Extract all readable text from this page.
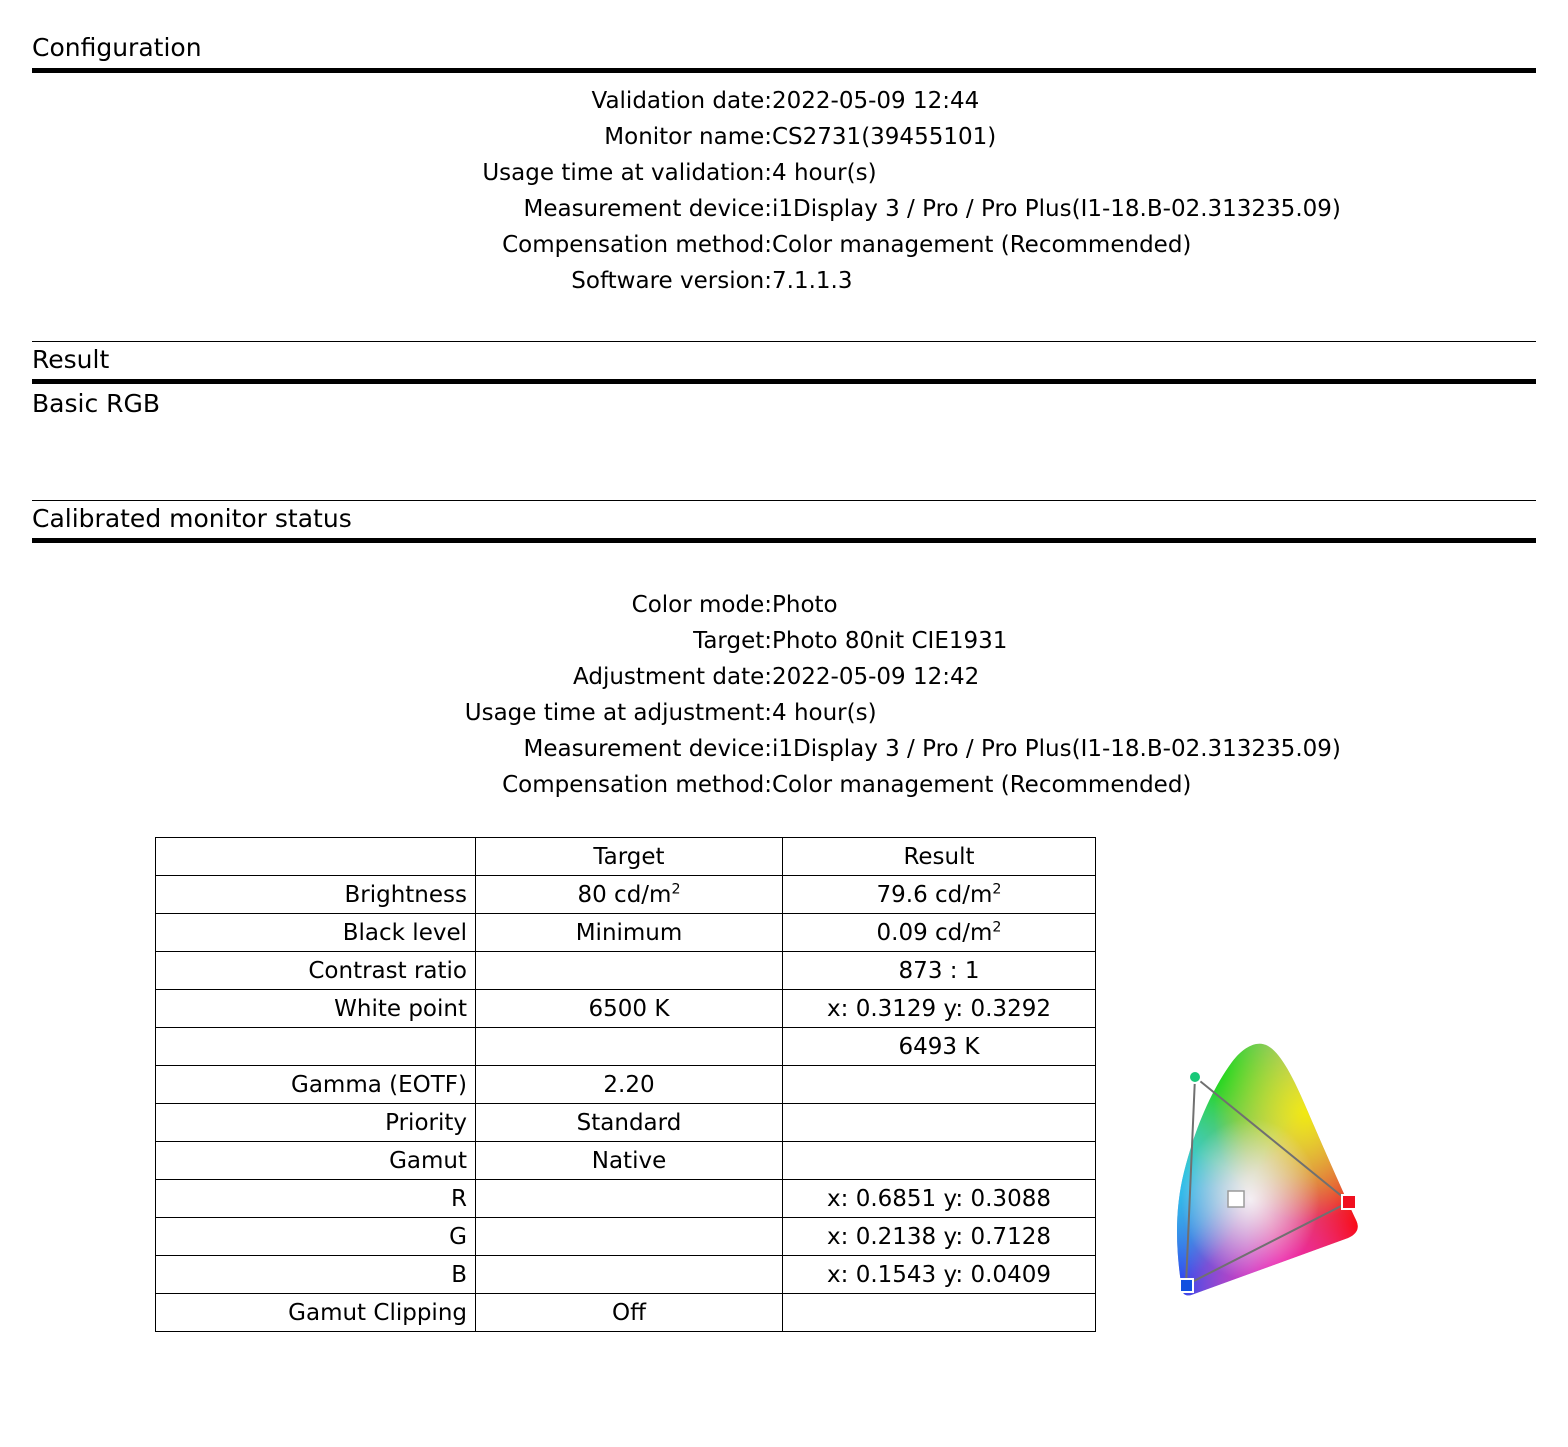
Configuration
Validation date:	2022-05-09 12:44
Monitor name:	CS2731(39455101)
Usage time at validation:	4 hour(s)
Measurement device:	i1Display 3 / Pro / Pro Plus(I1-18.B-02.313235.09)
Compensation method:	Color management (Recommended)
Software version:	7.1.1.3
Result
Basic RGB
Calibrated monitor status
Color mode:	Photo
Target:	Photo 80nit CIE1931
Adjustment date:	2022-05-09 12:42
Usage time at adjustment:	4 hour(s)
Measurement device:	i1Display 3 / Pro / Pro Plus(I1-18.B-02.313235.09)
Compensation method:	Color management (Recommended)
	Target	Result
Brightness	80 $cd/m^2$	79.6 $cd/m^2$
Black level	Minimum	0.09 $cd/m^2$
Contrast ratio		873 : 1
White point	6500 K	x: 0.3129 y: 0.3292
		6493 K
Gamma (EOTF)	2.20	
Priority	Standard	
Gamut	Native	
R		x: 0.6851 y: 0.3088
G		x: 0.2138 y: 0.7128
B		x: 0.1543 y: 0.0409
Gamut Clipping	Off	
